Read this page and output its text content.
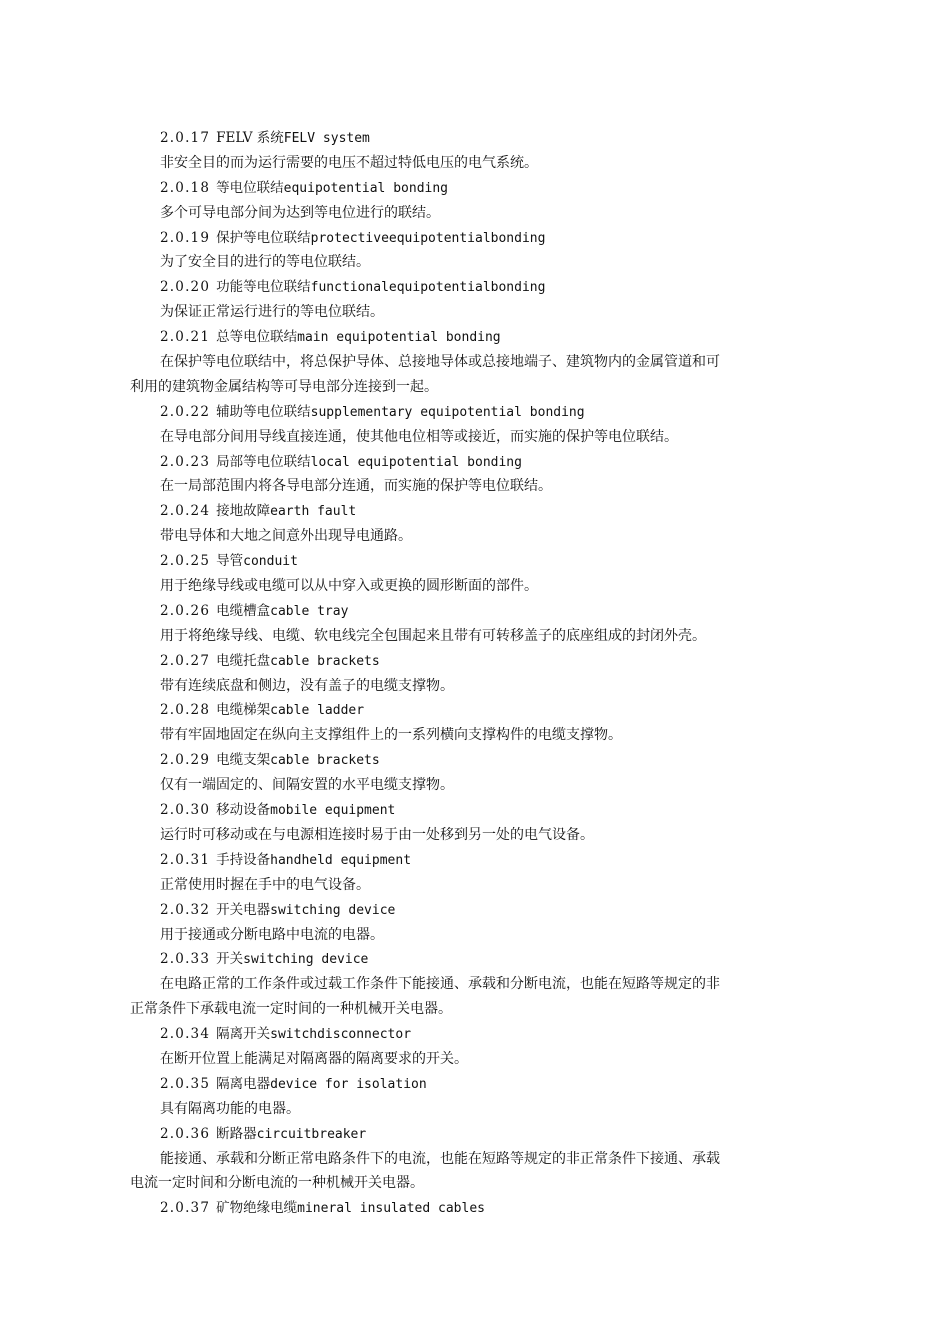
2.0.17 FELV 系统FELV system
非安全目的而为运行需要的电压不超过特低电压的电气系统。
2.0.18 等电位联结equipotential bonding
多个可导电部分间为达到等电位进行的联结。
2.0.19 保护等电位联结protectiveequipotentialbonding
为了安全目的进行的等电位联结。
2.0.20 功能等电位联结functionalequipotentialbonding
为保证正常运行进行的等电位联结。
2.0.21 总等电位联结main equipotential bonding
在保护等电位联结中，将总保护导体、总接地导体或总接地端子、建筑物内的金属管道和可
利用的建筑物金属结构等可导电部分连接到一起。
2.0.22 辅助等电位联结supplementary equipotential bonding
在导电部分间用导线直接连通，使其他电位相等或接近，而实施的保护等电位联结。
2.0.23 局部等电位联结local equipotential bonding
在一局部范围内将各导电部分连通，而实施的保护等电位联结。
2.0.24 接地故障earth fault
带电导体和大地之间意外出现导电通路。
2.0.25 导管conduit
用于绝缘导线或电缆可以从中穿入或更换的圆形断面的部件。
2.0.26 电缆槽盒cable tray
用于将绝缘导线、电缆、软电线完全包围起来且带有可转移盖子的底座组成的封闭外壳。
2.0.27 电缆托盘cable brackets
带有连续底盘和侧边，没有盖子的电缆支撑物。
2.0.28 电缆梯架cable ladder
带有牢固地固定在纵向主支撑组件上的一系列横向支撑构件的电缆支撑物。
2.0.29 电缆支架cable brackets
仅有一端固定的、间隔安置的水平电缆支撑物。
2.0.30 移动设备mobile equipment
运行时可移动或在与电源相连接时易于由一处移到另一处的电气设备。
2.0.31 手持设备handheld equipment
正常使用时握在手中的电气设备。
2.0.32 开关电器switching device
用于接通或分断电路中电流的电器。
2.0.33 开关switching device
在电路正常的工作条件或过载工作条件下能接通、承载和分断电流，也能在短路等规定的非
正常条件下承载电流一定时间的一种机械开关电器。
2.0.34 隔离开关switchdisconnector
在断开位置上能满足对隔离器的隔离要求的开关。
2.0.35 隔离电器device for isolation
具有隔离功能的电器。
2.0.36 断路器circuitbreaker
能接通、承载和分断正常电路条件下的电流，也能在短路等规定的非正常条件下接通、承载
电流一定时间和分断电流的一种机械开关电器。
2.0.37 矿物绝缘电缆mineral insulated cables
